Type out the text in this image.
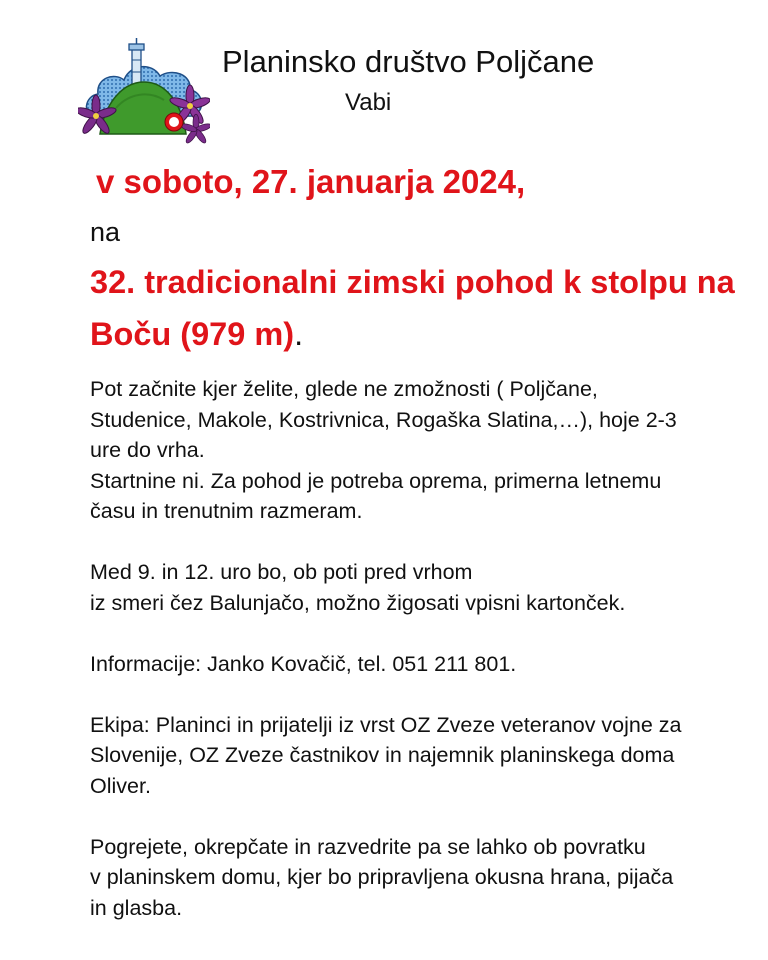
Planinsko društvo Poljčane
Vabi
v soboto, 27. januarja 2024,
na
32. tradicionalni zimski pohod k stolpu na Boču (979 m).

Pot začnite kjer želite, glede ne zmožnosti ( Poljčane,
Studenice, Makole, Kostrivnica, Rogaška Slatina,…), hoje 2-3
ure do vrha.
Startnine ni. Za pohod je potreba oprema, primerna letnemu
času in trenutnim razmeram.

Med 9. in 12. uro bo, ob poti pred vrhom
iz smeri čez Balunjačo, možno žigosati vpisni kartonček.

Informacije: Janko Kovačič, tel. 051 211 801.

Ekipa: Planinci in prijatelji iz vrst OZ Zveze veteranov vojne za
Slovenije, OZ Zveze častnikov in najemnik planinskega doma
Oliver.

Pogrejete, okrepčate in razvedrite pa se lahko ob povratku
v planinskem domu, kjer bo pripravljena okusna hrana, pijača
in glasba.
